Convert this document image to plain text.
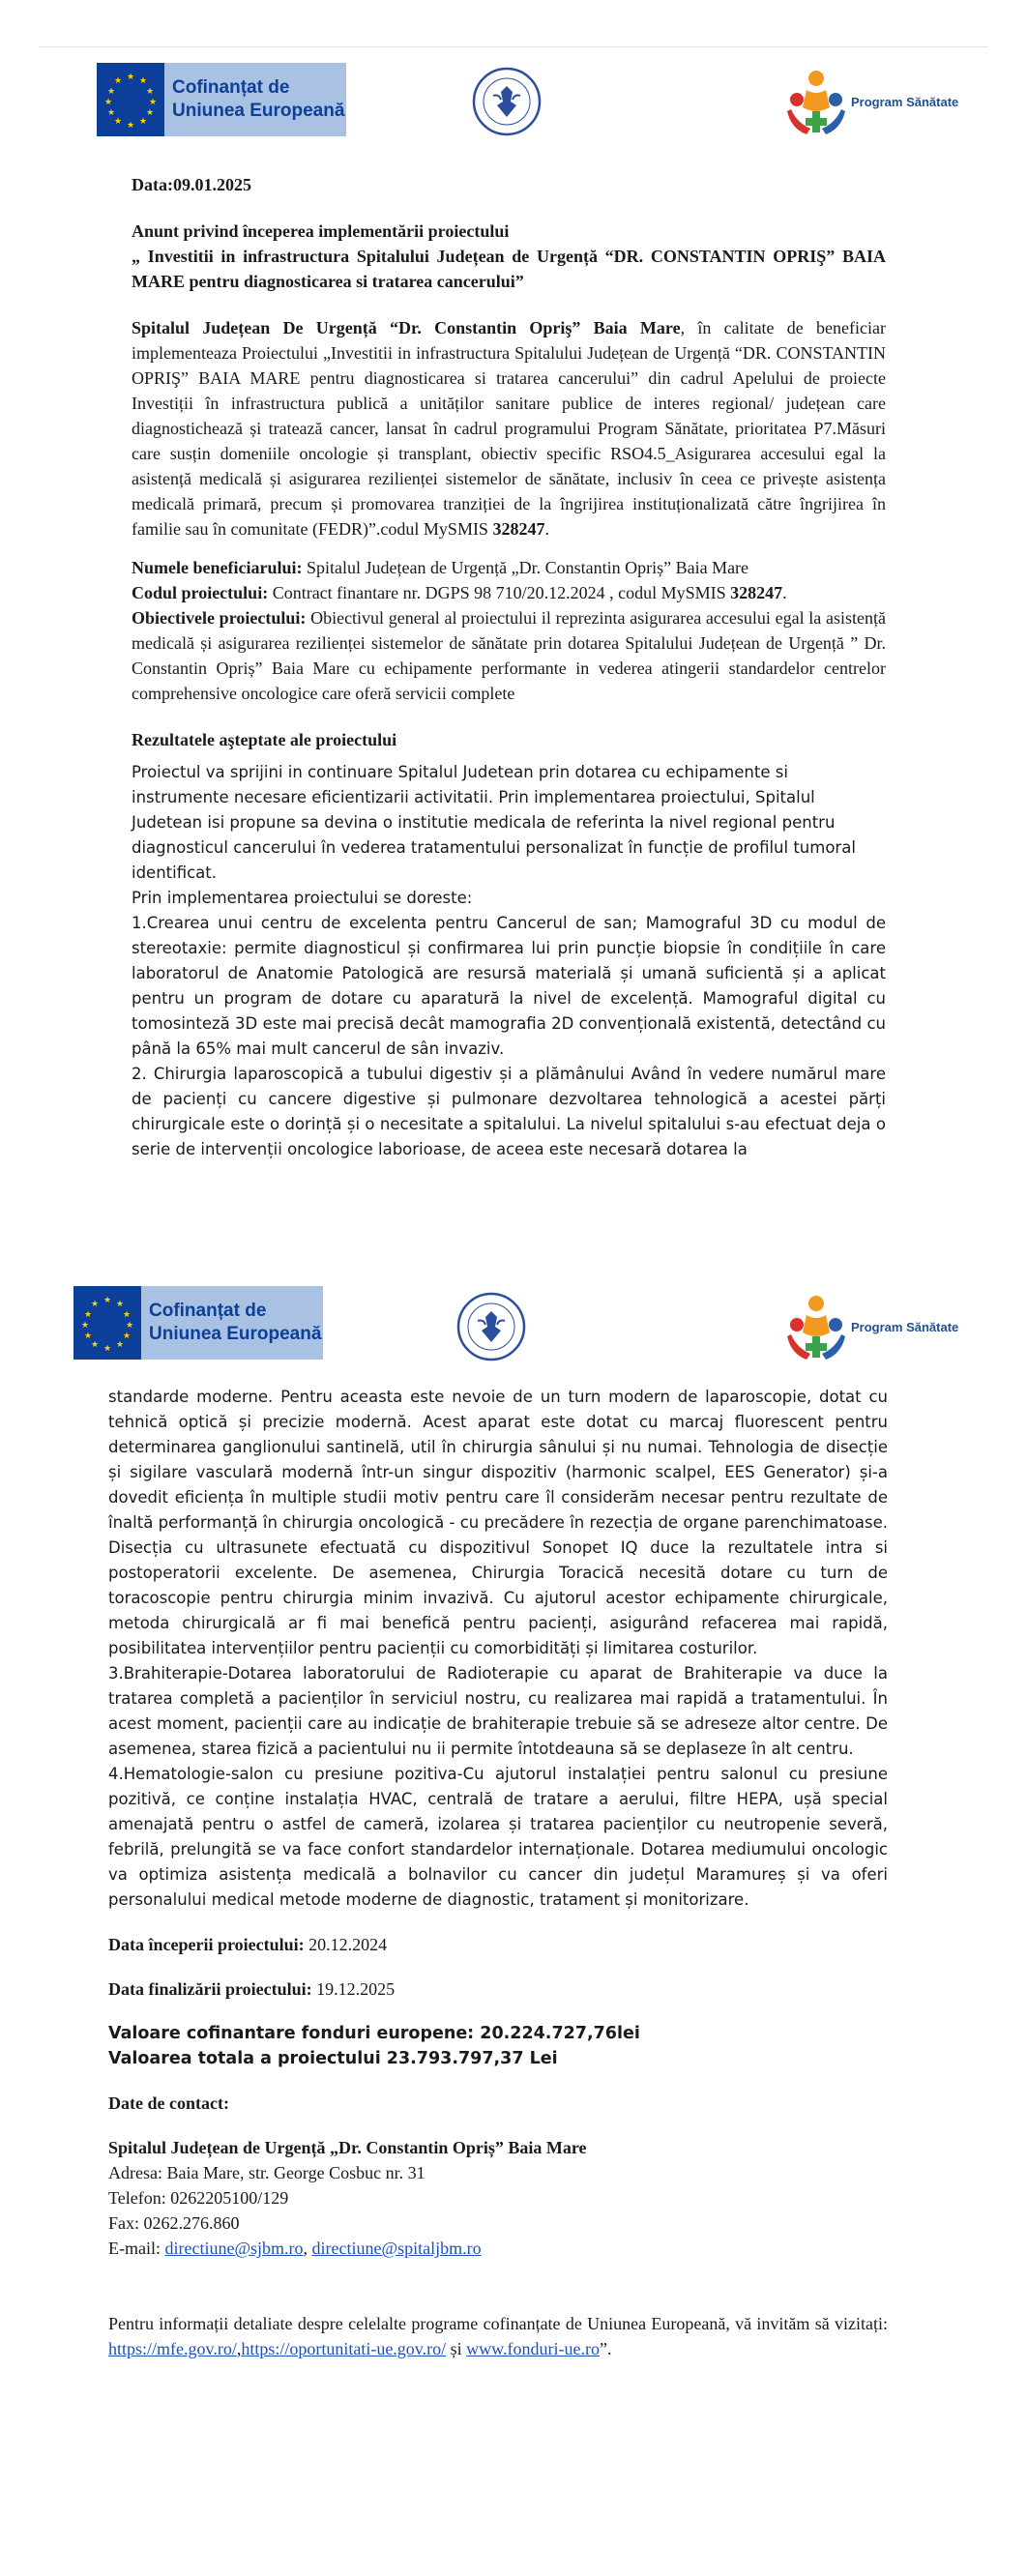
★ ★
★
★
★
★
★
★
★
★
★
★	Cofinanțat de
Uniunea Europeană	Program Sănătate

Data:09.01.2025

Anunt privind începerea implementării proiectului

„ Investitii in infrastructura Spitalului Județean de Urgență “DR. CONSTANTIN OPRIŞ” BAIA MARE pentru diagnosticarea si tratarea cancerului”

Spitalul Județean De Urgență “Dr. Constantin Opriş” Baia Mare, în calitate de beneficiar implementeaza Proiectului „Investitii in infrastructura Spitalului Județean de Urgență “DR. CONSTANTIN OPRIŞ” BAIA MARE pentru diagnosticarea si tratarea cancerului” din cadrul Apelului de proiecte Investiții în infrastructura publică a unităților sanitare publice de interes regional/ județean care diagnostichează și tratează cancer, lansat în cadrul programului Program Sănătate, prioritatea P7.Măsuri care susțin domeniile oncologie și transplant, obiectiv specific RSO4.5_Asigurarea accesului egal la asistență medicală și asigurarea rezilienței sistemelor de sănătate, inclusiv în ceea ce privește asistența medicală primară, precum și promovarea tranziției de la îngrijirea instituționalizată către îngrijirea în familie sau în comunitate (FEDR)”.codul MySMIS 328247.

Numele beneficiarului: Spitalul Județean de Urgență „Dr. Constantin Opriș” Baia Mare

Codul proiectului: Contract finantare nr. DGPS 98 710/20.12.2024 , codul MySMIS 328247.

Obiectivele proiectului: Obiectivul general al proiectului il reprezinta asigurarea accesului egal la asistență medicală și asigurarea rezilienței sistemelor de sănătate prin dotarea Spitalului Județean de Urgență ” Dr. Constantin Opriș” Baia Mare cu echipamente performante in vederea atingerii standardelor centrelor comprehensive oncologice care oferă servicii complete

Rezultatele aşteptate ale proiectului

Proiectul va sprijini in continuare Spitalul Judetean prin dotarea cu echipamente si instrumente necesare eficientizarii activitatii. Prin implementarea proiectului, Spitalul Judetean isi propune sa devina o institutie medicala de referinta la nivel regional pentru diagnosticul cancerului în vederea tratamentului personalizat în funcție de profilul tumoral identificat.

Prin implementarea proiectului se doreste:

1.Crearea unui centru de excelenta pentru Cancerul de san; Mamograful 3D cu modul de stereotaxie: permite diagnosticul și confirmarea lui prin puncție biopsie în condițiile în care laboratorul de Anatomie Patologică are resursă materială și umană suficientă și a aplicat pentru un program de dotare cu aparatură la nivel de excelență. Mamograful digital cu tomosinteză 3D este mai precisă decât mamografia 2D convențională existentă, detectând cu până la 65% mai mult cancerul de sân invaziv.

2. Chirurgia laparoscopică a tubului digestiv și a plămânului Având în vedere numărul mare de pacienți cu cancere digestive și pulmonare dezvoltarea tehnologică a acestei părți chirurgicale este o dorință și o necesitate a spitalului. La nivelul spitalului s-au efectuat deja o serie de intervenții oncologice laborioase, de aceea este necesară dotarea la

★ ★
★
★
★
★
★
★
★
★
★
★	Cofinanțat de
Uniunea Europeană	Program Sănătate

standarde moderne. Pentru aceasta este nevoie de un turn modern de laparoscopie, dotat cu tehnică optică și precizie modernă. Acest aparat este dotat cu marcaj fluorescent pentru determinarea ganglionului santinelă, util în chirurgia sânului și nu numai. Tehnologia de disecție și sigilare vasculară modernă într-un singur dispozitiv (harmonic scalpel, EES Generator) și-a dovedit eficiența în multiple studii motiv pentru care îl considerăm necesar pentru rezultate de înaltă performanță în chirurgia oncologică - cu precădere în rezecția de organe parenchimatoase. Disecția cu ultrasunete efectuată cu dispozitivul Sonopet IQ duce la rezultatele intra si postoperatorii excelente. De asemenea, Chirurgia Toracică necesită dotare cu turn de toracoscopie pentru chirurgia minim invazivă. Cu ajutorul acestor echipamente chirurgicale, metoda chirurgicală ar fi mai benefică pentru pacienți, asigurând refacerea mai rapidă, posibilitatea intervențiilor pentru pacienții cu comorbidități și limitarea costurilor.

3.Brahiterapie-Dotarea laboratorului de Radioterapie cu aparat de Brahiterapie va duce la tratarea completă a pacienților în serviciul nostru, cu realizarea mai rapidă a tratamentului. În acest moment, pacienții care au indicație de brahiterapie trebuie să se adreseze altor centre. De asemenea, starea fizică a pacientului nu ii permite întotdeauna să se deplaseze în alt centru.

4.Hematologie-salon cu presiune pozitiva-Cu ajutorul instalației pentru salonul cu presiune pozitivă, ce conține instalația HVAC, centrală de tratare a aerului, filtre HEPA, ușă special amenajată pentru o astfel de cameră, izolarea și tratarea pacienților cu neutropenie severă, febrilă, prelungită se va face confort standardelor internaționale. Dotarea mediumului oncologic va optimiza asistența medicală a bolnavilor cu cancer din județul Maramureș și va oferi personalului medical metode moderne de diagnostic, tratament și monitorizare.

Data începerii proiectului: 20.12.2024

Data finalizării proiectului: 19.12.2025

Valoare cofinantare fonduri europene: 20.224.727,76lei

Valoarea totala a proiectului 23.793.797,37 Lei

Date de contact:

Spitalul Județean de Urgență „Dr. Constantin Opriș” Baia Mare

Adresa: Baia Mare, str. George Cosbuc nr. 31

Telefon: 0262205100/129

Fax: 0262.276.860

E-mail: directiune@sjbm.ro, directiune@spitaljbm.ro

Pentru informații detaliate despre celelalte programe cofinanțate de Uniunea Europeană, vă invităm să vizitați: https://mfe.gov.ro/,https://oportunitati-ue.gov.ro/ și www.fonduri-ue.ro”.
